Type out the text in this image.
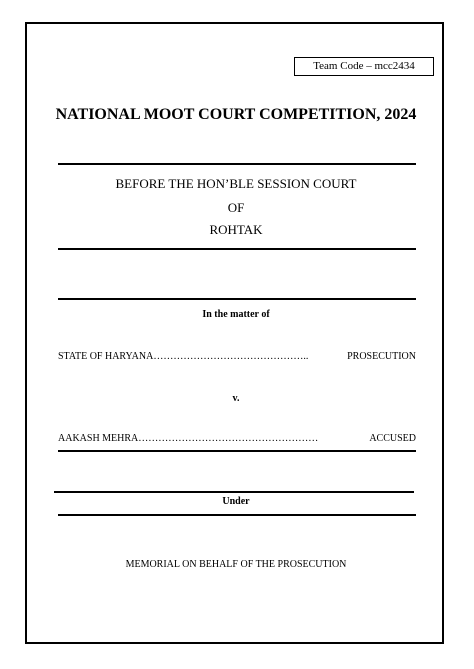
Team Code – mcc2434
NATIONAL MOOT COURT COMPETITION, 2024
BEFORE THE HON’BLE SESSION COURT
OF
ROHTAK
In the matter of
STATE OF HARYANA ………………………………………..	PROSECUTION
v.
AAKASH MEHRA ………………………………………………	ACCUSED
Under
MEMORIAL ON BEHALF OF THE PROSECUTION
